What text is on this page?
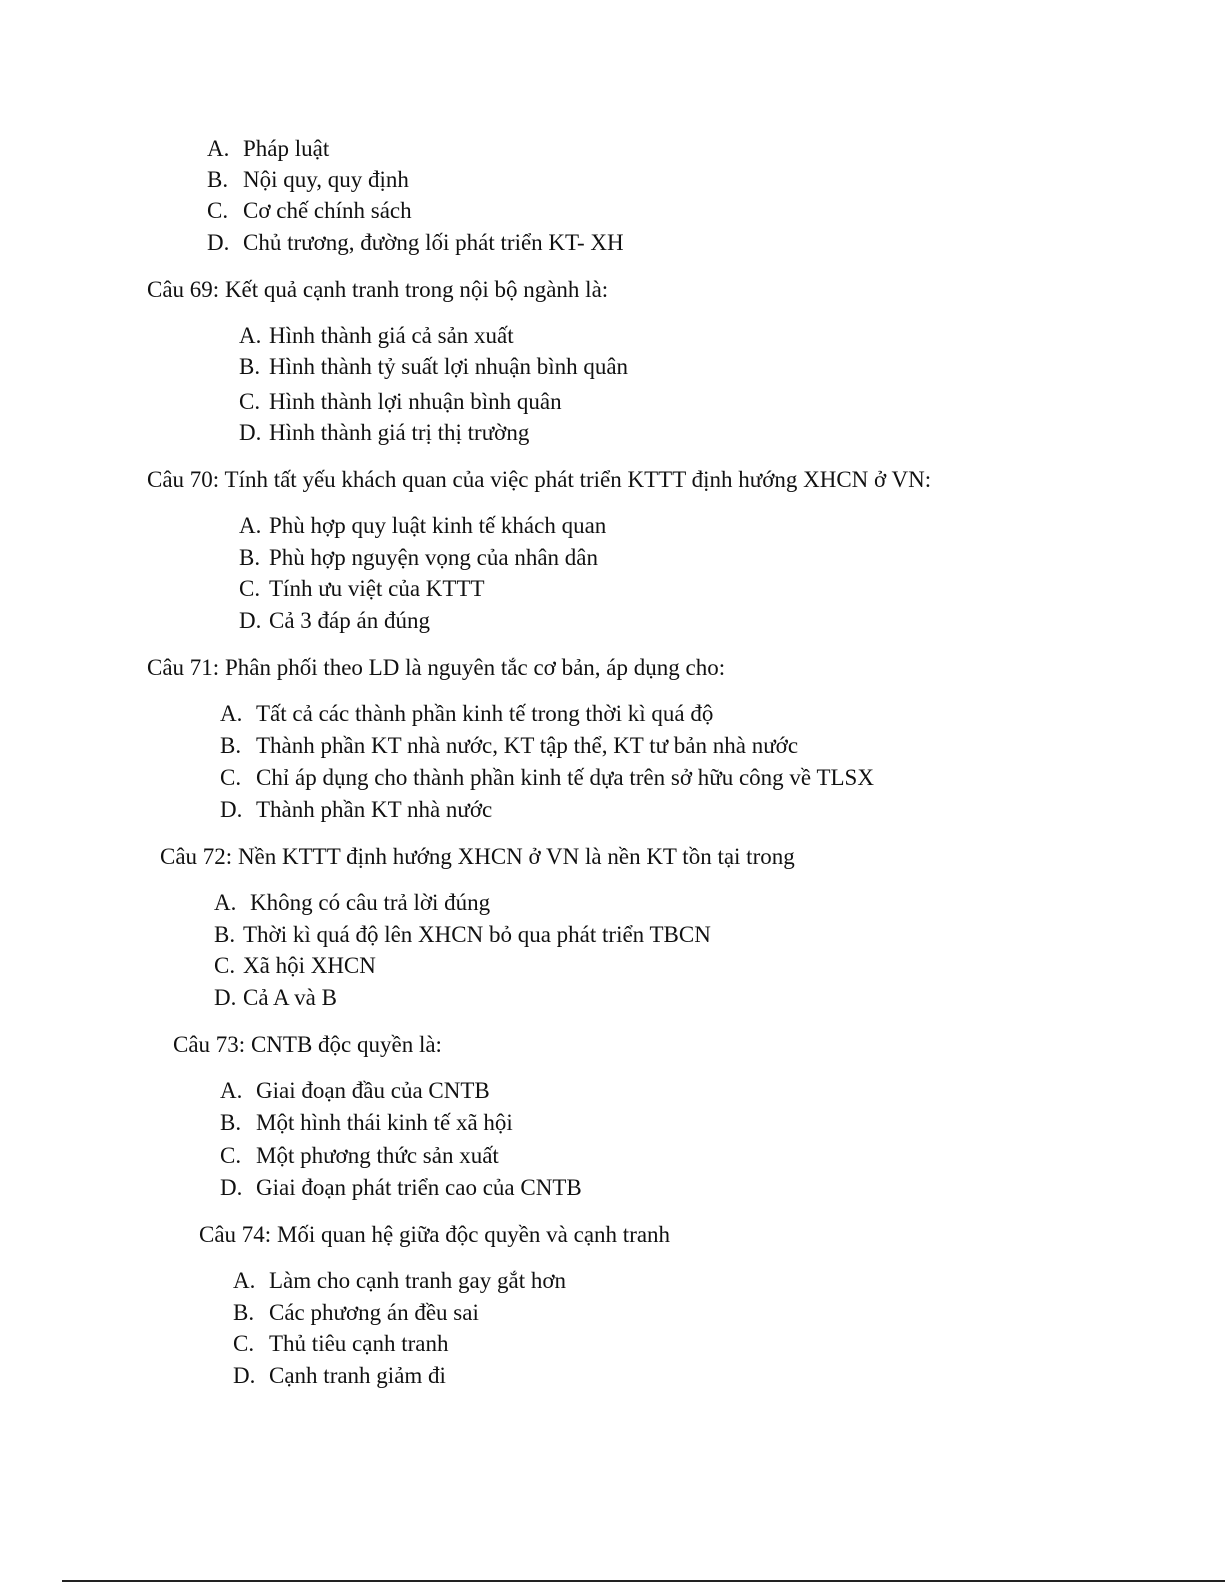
A. Pháp luật
B. Nội quy, quy định
C. Cơ chế chính sách
D. Chủ trương, đường lối phát triển KT- XH
Câu 69: Kết quả cạnh tranh trong nội bộ ngành là:
A. Hình thành giá cả sản xuất
B. Hình thành tỷ suất lợi nhuận bình quân
C. Hình thành lợi nhuận bình quân
D. Hình thành giá trị thị trường
Câu 70: Tính tất yếu khách quan của việc phát triển KTTT định hướng XHCN ở VN:
A. Phù hợp quy luật kinh tế khách quan
B. Phù hợp nguyện vọng của nhân dân
C. Tính ưu việt của KTTT
D. Cả 3 đáp án đúng
Câu 71: Phân phối theo LD là nguyên tắc cơ bản, áp dụng cho:
A. Tất cả các thành phần kinh tế trong thời kì quá độ
B. Thành phần KT nhà nước, KT tập thể, KT tư bản nhà nước
C. Chỉ áp dụng cho thành phần kinh tế dựa trên sở hữu công về TLSX
D. Thành phần KT nhà nước
Câu 72: Nền KTTT định hướng XHCN ở VN là nền KT tồn tại trong
A. Không có câu trả lời đúng
B. Thời kì quá độ lên XHCN bỏ qua phát triển TBCN
C. Xã hội XHCN
D. Cả A và B
Câu 73: CNTB độc quyền là:
A. Giai đoạn đầu của CNTB
B. Một hình thái kinh tế xã hội
C. Một phương thức sản xuất
D. Giai đoạn phát triển cao của CNTB
Câu 74: Mối quan hệ giữa độc quyền và cạnh tranh
A. Làm cho cạnh tranh gay gắt hơn
B. Các phương án đều sai
C. Thủ tiêu cạnh tranh
D. Cạnh tranh giảm đi
